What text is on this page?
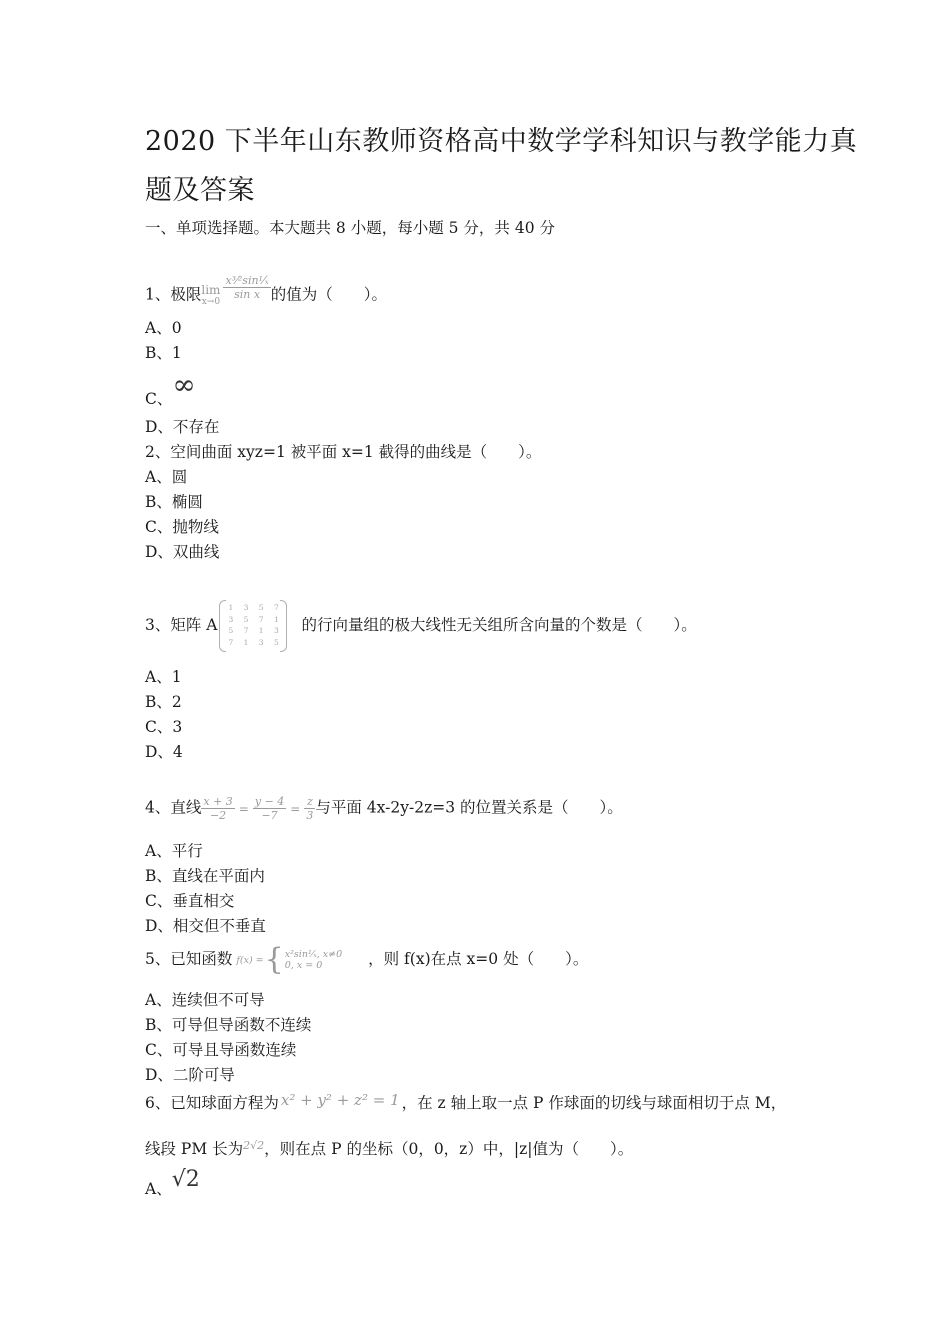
2020 下半年山东教师资格高中数学学科知识与教学能力真
题及答案
一、单项选择题。本大题共 8 小题，每小题 5 分，共 40 分
1、极限lim
x→0
$\frac{\text{x³⁄²sin¹⁄ₓ}}{\text{sin x}}$ 的值为（　　）。
A、0
B、1
C、∞
D、不存在
2、空间曲面 xyz=1 被平面 x=1 截得的曲线是（　　）。
A、圆
B、椭圆
C、抛物线
D、双曲线
3、矩阵 A
1 3 5 7
3 5 7 1
5 7 1 3
7 1 3 5
的行向量组的极大线性无关组所含向量的个数是（　　）。
A、1
B、2
C、3
D、4
4、直线 $\frac{x + 3}{-2} = \frac{y - 4}{-7} = \frac{z}{3}$ 与平面 4x-2y-2z=3 的位置关系是（　　）。
A、平行
B、直线在平面内
C、垂直相交
D、相交但不垂直
5、已知函数 f(x) ={ x²sin¹⁄ₓ, x≠0
0, x = 0	，则 f(x)在点 x=0 处（　　）。
A、连续但不可导
B、可导但导函数不连续
C、可导且导函数连续
D、二阶可导
6、已知球面方程为 x² + y² + z² = 1 ，在 z 轴上取一点 P 作球面的切线与球面相切于点 M，
线段 PM 长为$^{2√2}$，则在点 P 的坐标（0，0，z）中，|z|值为（　　）。
A、√2
